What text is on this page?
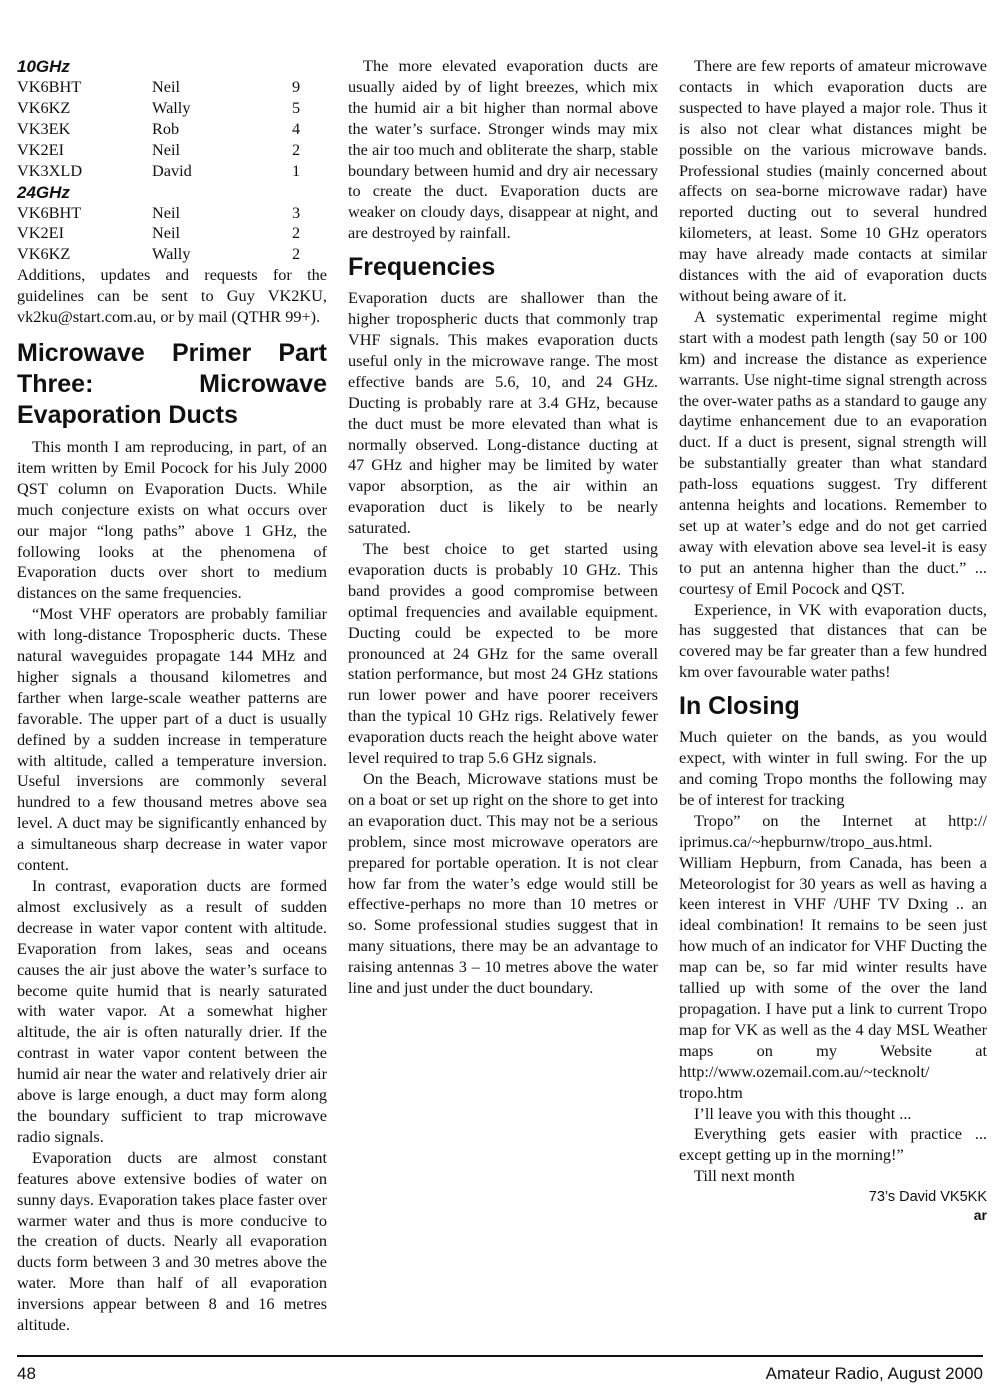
10GHz
VK6BHT	Neil	9
VK6KZ	Wally	5
VK3EK	Rob	4
VK2EI	Neil	2
VK3XLD	David	1
24GHz
VK6BHT	Neil	3
VK2EI	Neil	2
VK6KZ	Wally	2

Additions, updates and requests for the guidelines can be sent to Guy VK2KU, vk2ku@start.com.au, or by mail (QTHR 99+).

Microwave Primer Part Three: Microwave Evaporation Ducts

This month I am reproducing, in part, of an item written by Emil Pocock for his July 2000 QST column on Evaporation Ducts. While much conjecture exists on what occurs over our major “long paths” above 1 GHz, the following looks at the phenomena of Evaporation ducts over short to medium distances on the same frequencies.

“Most VHF operators are probably familiar with long-distance Tropospheric ducts. These natural waveguides propagate 144 MHz and higher signals a thousand kilometres and farther when large-scale weather patterns are favorable. The upper part of a duct is usually defined by a sudden increase in temperature with altitude, called a temperature inversion. Useful inversions are commonly several hundred to a few thousand metres above sea level. A duct may be significantly enhanced by a simultaneous sharp decrease in water vapor content.

In contrast, evaporation ducts are formed almost exclusively as a result of sudden decrease in water vapor content with altitude. Evaporation from lakes, seas and oceans causes the air just above the water’s surface to become quite humid that is nearly saturated with water vapor. At a somewhat higher altitude, the air is often naturally drier. If the contrast in water vapor content between the humid air near the water and relatively drier air above is large enough, a duct may form along the boundary sufficient to trap microwave radio signals.

Evaporation ducts are almost constant features above extensive bodies of water on sunny days. Evaporation takes place faster over warmer water and thus is more conducive to the creation of ducts. Nearly all evaporation ducts form between 3 and 30 metres above the water. More than half of all evaporation inversions appear between 8 and 16 metres altitude.

The more elevated evaporation ducts are usually aided by of light breezes, which mix the humid air a bit higher than normal above the water’s surface. Stronger winds may mix the air too much and obliterate the sharp, stable boundary between humid and dry air necessary to create the duct. Evaporation ducts are weaker on cloudy days, disappear at night, and are destroyed by rainfall.

Frequencies

Evaporation ducts are shallower than the higher tropospheric ducts that commonly trap VHF signals. This makes evaporation ducts useful only in the microwave range. The most effective bands are 5.6, 10, and 24 GHz. Ducting is probably rare at 3.4 GHz, because the duct must be more elevated than what is normally observed. Long-distance ducting at 47 GHz and higher may be limited by water vapor absorption, as the air within an evaporation duct is likely to be nearly saturated.

The best choice to get started using evaporation ducts is probably 10 GHz. This band provides a good compromise between optimal frequencies and available equipment. Ducting could be expected to be more pronounced at 24 GHz for the same overall station performance, but most 24 GHz stations run lower power and have poorer receivers than the typical 10 GHz rigs. Relatively fewer evaporation ducts reach the height above water level required to trap 5.6 GHz signals.

On the Beach, Microwave stations must be on a boat or set up right on the shore to get into an evaporation duct. This may not be a serious problem, since most microwave operators are prepared for portable operation. It is not clear how far from the water’s edge would still be effective-perhaps no more than 10 metres or so. Some professional studies suggest that in many situations, there may be an advantage to raising antennas 3 – 10 metres above the water line and just under the duct boundary.

There are few reports of amateur microwave contacts in which evaporation ducts are suspected to have played a major role. Thus it is also not clear what distances might be possible on the various microwave bands. Professional studies (mainly concerned about affects on sea-borne microwave radar) have reported ducting out to several hundred kilometers, at least. Some 10 GHz operators may have already made contacts at similar distances with the aid of evaporation ducts without being aware of it.

A systematic experimental regime might start with a modest path length (say 50 or 100 km) and increase the distance as experience warrants. Use night-time signal strength across the over-water paths as a standard to gauge any daytime enhancement due to an evaporation duct. If a duct is present, signal strength will be substantially greater than what standard path-loss equations suggest. Try different antenna heights and locations. Remember to set up at water’s edge and do not get carried away with elevation above sea level-it is easy to put an antenna higher than the duct.” ... courtesy of Emil Pocock and QST.

Experience, in VK with evaporation ducts, has suggested that distances that can be covered may be far greater than a few hundred km over favourable water paths!

In Closing

Much quieter on the bands, as you would expect, with winter in full swing. For the up and coming Tropo months the following may be of interest for tracking

Tropo” on the Internet at http:// iprimus.ca/~hepburnw/tropo_aus.html. William Hepburn, from Canada, has been a Meteorologist for 30 years as well as having a keen interest in VHF /UHF TV Dxing .. an ideal combination! It remains to be seen just how much of an indicator for VHF Ducting the map can be, so far mid winter results have tallied up with some of the over the land propagation. I have put a link to current Tropo map for VK as well as the 4 day MSL Weather maps on my Website at http://www.ozemail.com.au/~tecknolt/ tropo.htm

I’ll leave you with this thought ...

Everything gets easier with practice ... except getting up in the morning!”

Till next month

73’s David VK5KK
ar
48	Amateur Radio, August 2000
